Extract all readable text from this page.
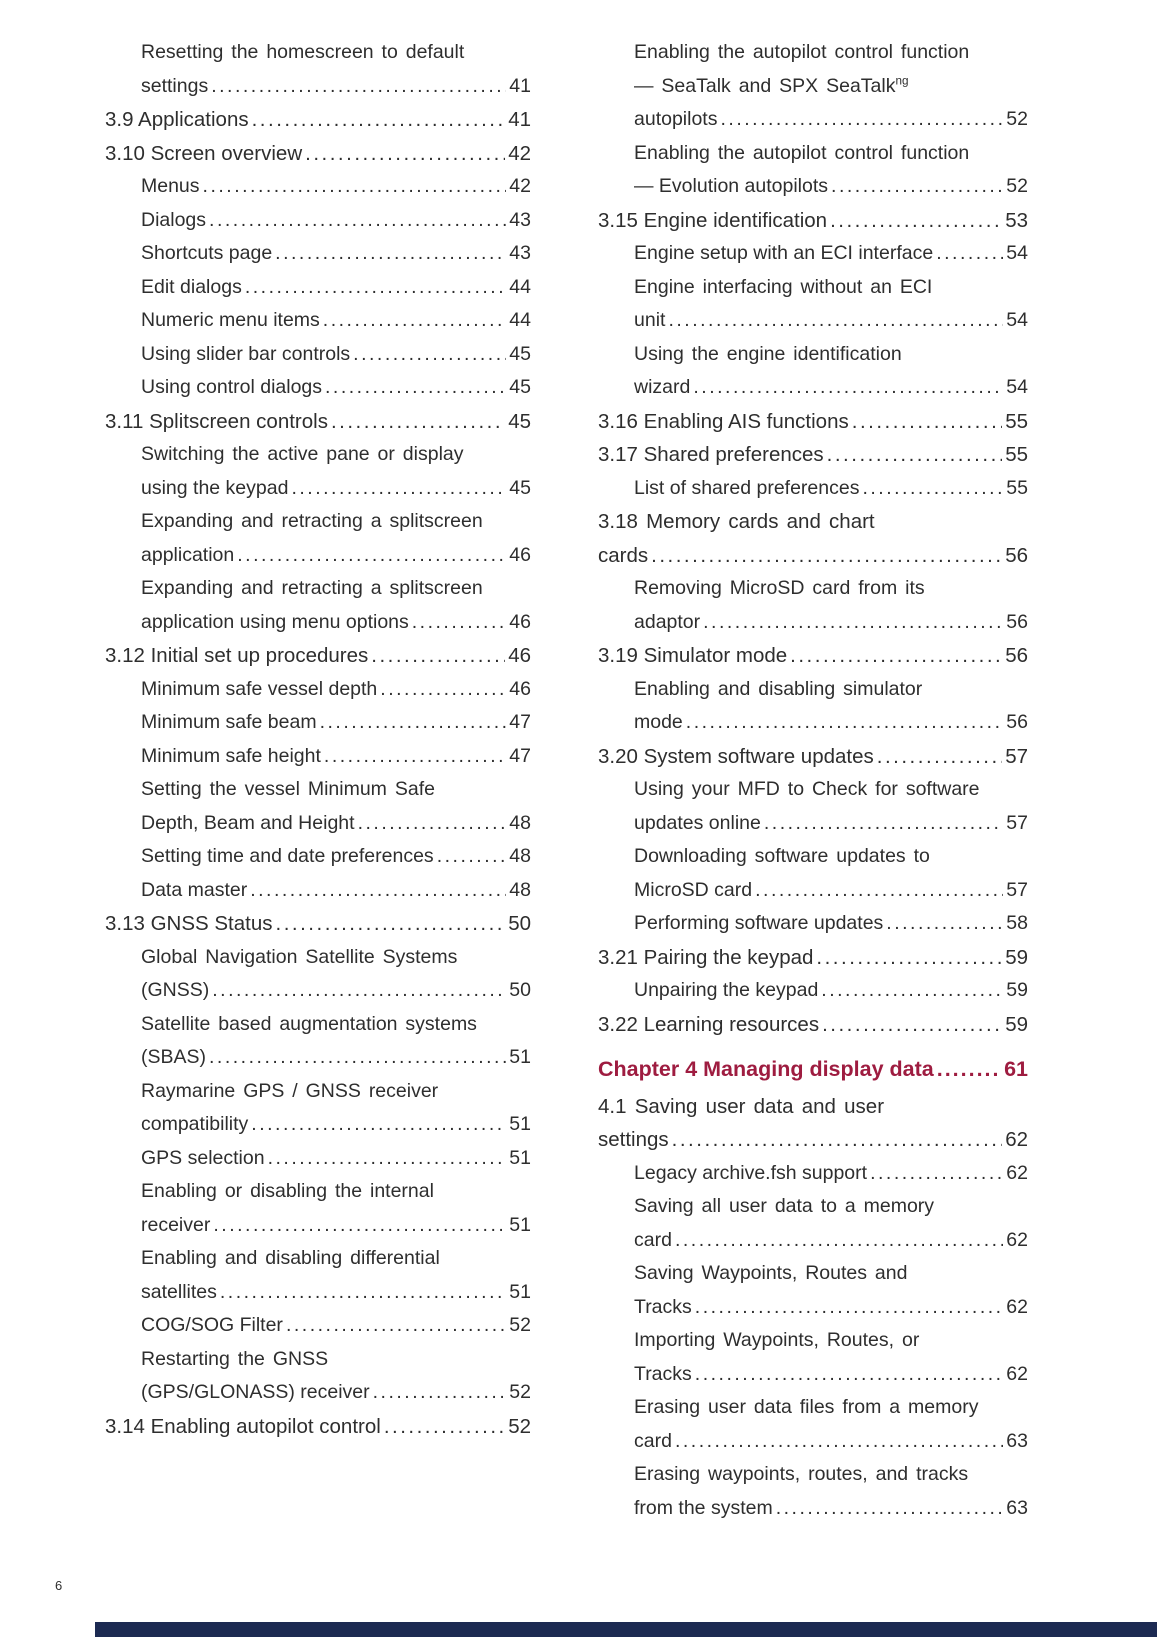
Resetting the homescreen to default
settings .....	41
3.9 Applications .....	41
3.10 Screen overview .....	42
Menus .....	42
Dialogs .....	43
Shortcuts page .....	43
Edit dialogs .....	44
Numeric menu items .....	44
Using slider bar controls .....	45
Using control dialogs .....	45
3.11 Splitscreen controls .....	45
Switching the active pane or display
using the keypad .....	45
Expanding and retracting a splitscreen
application .....	46
Expanding and retracting a splitscreen
application using menu options .....	46
3.12 Initial set up procedures .....	46
Minimum safe vessel depth .....	46
Minimum safe beam .....	47
Minimum safe height .....	47
Setting the vessel Minimum Safe
Depth, Beam and Height .....	48
Setting time and date preferences .....	48
Data master .....	48
3.13 GNSS Status .....	50
Global Navigation Satellite Systems
(GNSS) .....	50
Satellite based augmentation systems
(SBAS) .....	51
Raymarine GPS / GNSS receiver
compatibility .....	51
GPS selection .....	51
Enabling or disabling the internal
receiver .....	51
Enabling and disabling differential
satellites .....	51
COG/SOG Filter .....	52
Restarting the GNSS
(GPS/GLONASS) receiver .....	52
3.14 Enabling autopilot control .....	52
Enabling the autopilot control function
— SeaTalk and SPX SeaTalk$^{ng}$
autopilots .....	52
Enabling the autopilot control function
— Evolution autopilots .....	52
3.15 Engine identification .....	53
Engine setup with an ECI interface .....	54
Engine interfacing without an ECI
unit .....	54
Using the engine identification
wizard .....	54
3.16 Enabling AIS functions .....	55
3.17 Shared preferences .....	55
List of shared preferences .....	55
3.18 Memory cards and chart
cards .....	56
Removing MicroSD card from its
adaptor .....	56
3.19 Simulator mode .....	56
Enabling and disabling simulator
mode .....	56
3.20 System software updates .....	57
Using your MFD to Check for software
updates online .....	57
Downloading software updates to
MicroSD card .....	57
Performing software updates .....	58
3.21 Pairing the keypad .....	59
Unpairing the keypad .....	59
3.22 Learning resources .....	59
Chapter 4 Managing display data .....	61
4.1 Saving user data and user
settings .....	62
Legacy archive.fsh support .....	62
Saving all user data to a memory
card .....	62
Saving Waypoints, Routes and
Tracks .....	62
Importing Waypoints, Routes, or
Tracks .....	62
Erasing user data files from a memory
card .....	63
Erasing waypoints, routes, and tracks
from the system .....	63
6
